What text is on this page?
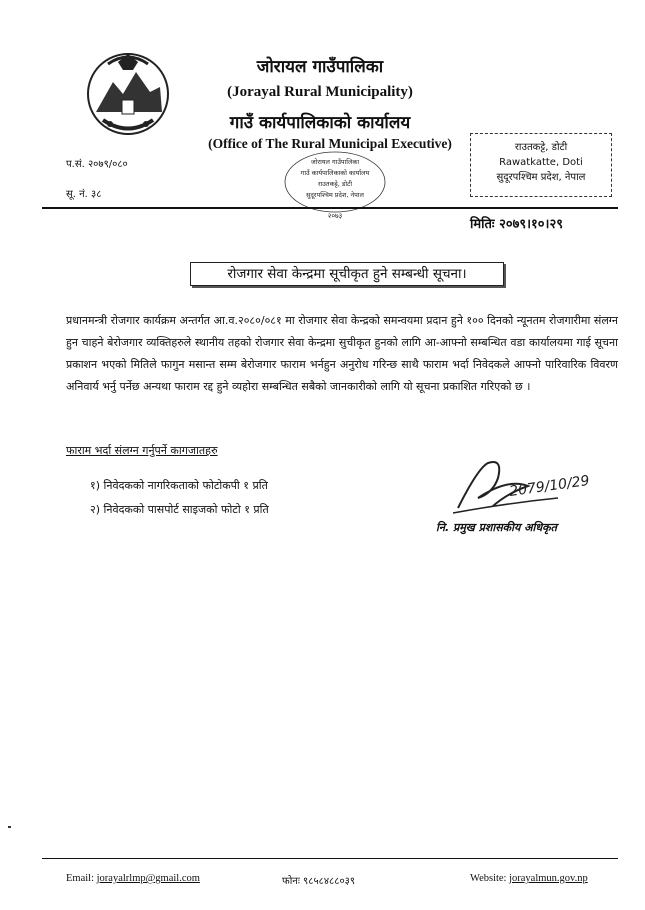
जोरायल गाउँपालिका
(Jorayal Rural Municipality)
गाउँ कार्यपालिकाको कार्यालय
(Office of The Rural Municipal Executive)	राउतकट्टे, डोटी
Rawatkatte, Doti
सुदूरपश्चिम प्रदेश, नेपाल
प.सं. २०७९/०८०
सू. नं. ३८
जोरायल गाउँपालिका
गाउँ कार्यपालिकाको कार्यालय
राउतकट्टे, डोटी
सुदूरपश्चिम प्रदेश, नेपाल
२०७३
मितिः २०७९।१०।२९
रोजगार सेवा केन्द्रमा सूचीकृत हुने सम्बन्धी सूचना।
प्रधानमन्त्री रोजगार कार्यक्रम अन्तर्गत आ.व.२०८०/०८१ मा रोजगार सेवा केन्द्रको समन्वयमा प्रदान हुने १०० दिनको न्यूनतम रोजगारीमा संलग्न हुन चाहने बेरोजगार व्यक्तिहरुले स्थानीय तहको रोजगार सेवा केन्द्रमा सुचीकृत हुनको लागि आ-आफ्नो सम्बन्धित वडा कार्यालयमा गाई सूचना प्रकाशन भएको मितिले फागुन मसान्त सम्म बेरोजगार फाराम भर्नहुन अनुरोध गरिन्छ साथै फाराम भर्दा निवेदकले आफ्नो पारिवारिक विवरण अनिवार्य भर्नु पर्नेछ अन्यथा फाराम रद्द हुने व्यहोरा सम्बन्धित सबैको जानकारीको लागि यो सूचना प्रकाशित गरिएको छ ।
फाराम भर्दा संलग्न गर्नुपर्ने कागजातहरु
१) निवेदकको नागरिकताको फोटोकपी १ प्रति
२) निवेदकको पासपोर्ट साइजको फोटो १ प्रति
2079/10/29
नि. प्रमुख प्रशासकीय अधिकृत
Email: jorayalrlmp@gmail.com	फोनः ९८५८४८८०३९	Website: jorayalmun.gov.np
